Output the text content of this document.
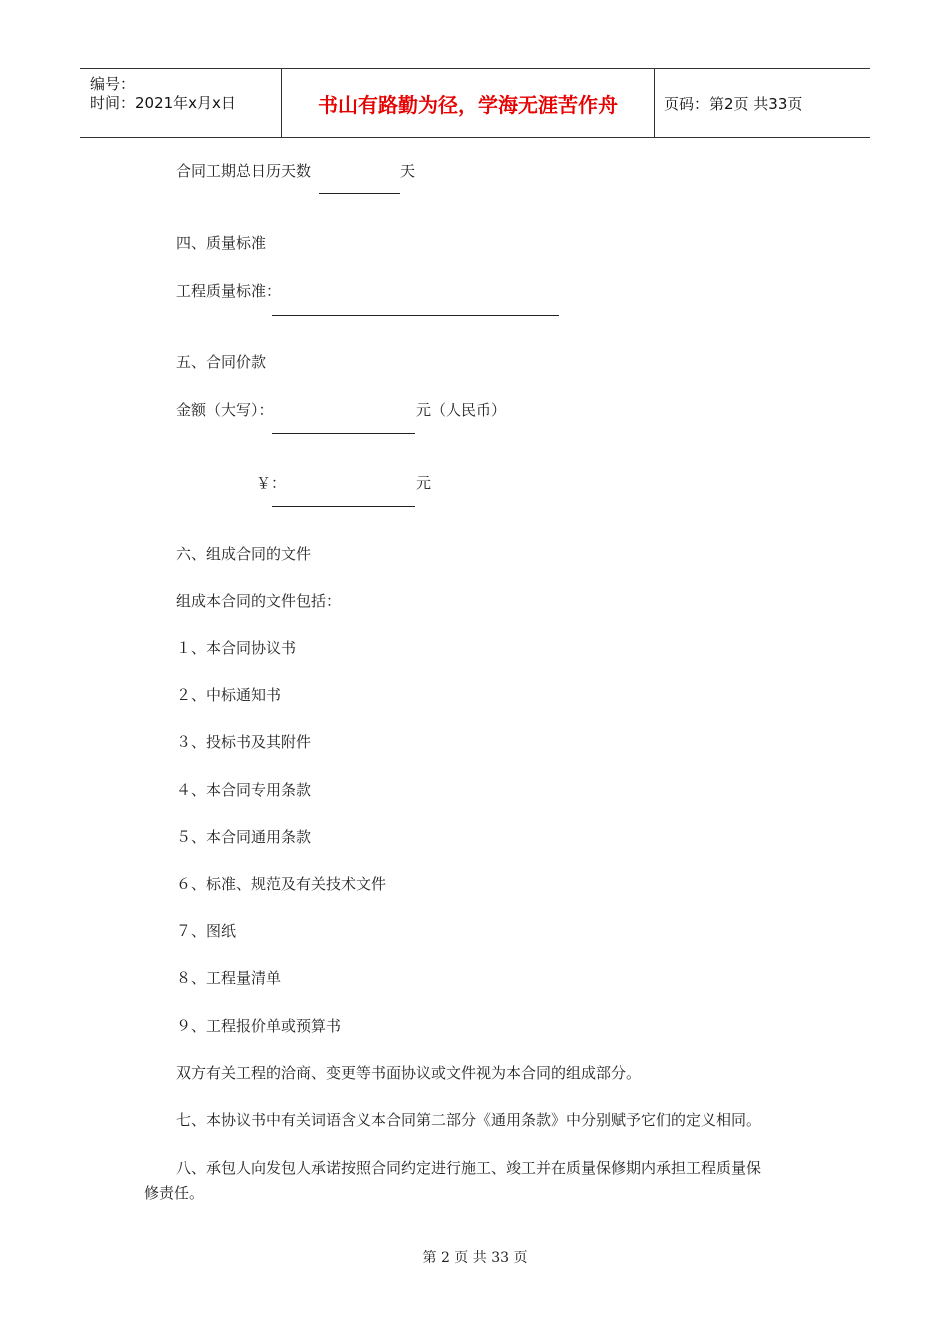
编号：
时间：2021年x月x日	书山有路勤为径，学海无涯苦作舟	页码：第2页 共33页
合同工期总日历天数	天
四、质量标准
工程质量标准：
五、合同价款
金额（大写）：	元（人民币）
￥：	元
六、组成合同的文件
组成本合同的文件包括：
１、本合同协议书
２、中标通知书
３、投标书及其附件
４、本合同专用条款
５、本合同通用条款
６、标准、规范及有关技术文件
７、图纸
８、工程量清单
９、工程报价单或预算书
双方有关工程的洽商、变更等书面协议或文件视为本合同的组成部分。
七、本协议书中有关词语含义本合同第二部分《通用条款》中分别赋予它们的定义相同。
八、承包人向发包人承诺按照合同约定进行施工、竣工并在质量保修期内承担工程质量保
修责任。
第 2 页 共 33 页
